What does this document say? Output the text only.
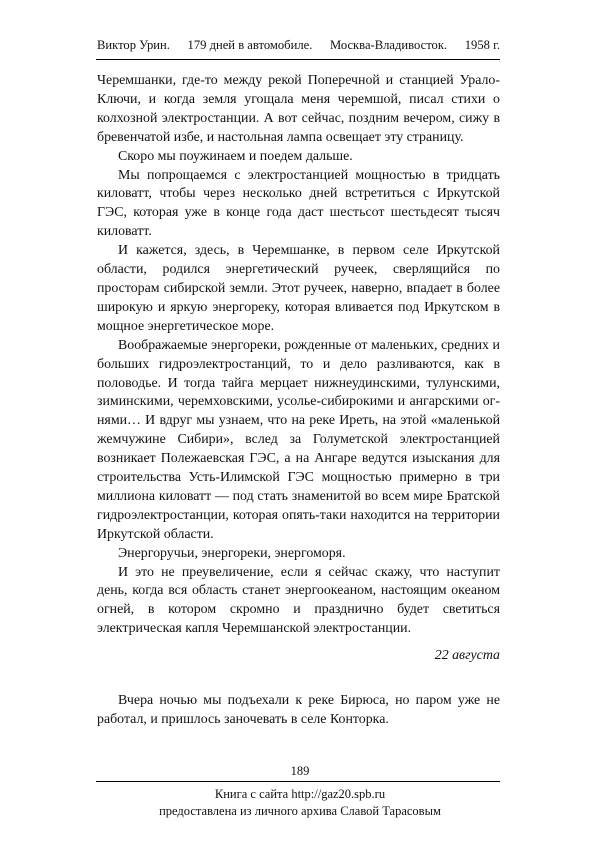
Виктор Урин. 179 дней в автомобиле. Москва-Владивосток. 1958 г.

Черемшанки, где-то между рекой Поперечной и станцией Урало-Ключи, и когда земля угощала меня черемшой, писал стихи о колхозной электростанции. А вот сейчас, поздним вечером, сижу в бревенчатой избе, и настольная лампа освещает эту страницу.

Скоро мы поужинаем и поедем дальше.

Мы попрощаемся с электростанцией мощностью в тридцать киловатт, чтобы через несколько дней встретиться с Иркутской ГЭС, которая уже в конце года даст шестьсот шестьдесят тысяч киловатт.

И кажется, здесь, в Черемшанке, в первом селе Иркутской области, родился энергетический ручеек, сверлящийся по просторам сибирской земли. Этот ручеек, наверно, впадает в более широкую и яркую энергореку, которая вливается под Иркутском в мощное энергетическое море.

Воображаемые энергореки, рожденные от маленьких, средних и больших гидроэлектростанций, то и дело разливаются, как в половодье. И тогда тайга мерцает нижнеудинскими, тулунскими, зиминскими, черемховскими, усолье-сибирокими и ангарскими огнями… И вдруг мы узнаем, что на реке Иреть, на этой «маленькой жемчужине Сибири», вслед за Голуметской электростанцией возникает Полежаевская ГЭС, а на Ангаре ведутся изыскания для строительства Усть-Илимской ГЭС мощностью примерно в три миллиона киловатт — под стать знаменитой во всем мире Братской гидроэлектростанции, которая опять-таки находится на территории Иркутской области.

Энергоручьи, энергореки, энергоморя.

И это не преувеличение, если я сейчас скажу, что наступит день, когда вся область станет энергоокеаном, настоящим океаном огней, в котором скромно и празднично будет светиться электрическая капля Черемшанской электростанции.

22 августа

Вчера ночью мы подъехали к реке Бирюса, но паром уже не работал, и пришлось заночевать в селе Конторка.

189
Книга с сайта http://gaz20.spb.ru
предоставлена из личного архива Славой Тарасовым
